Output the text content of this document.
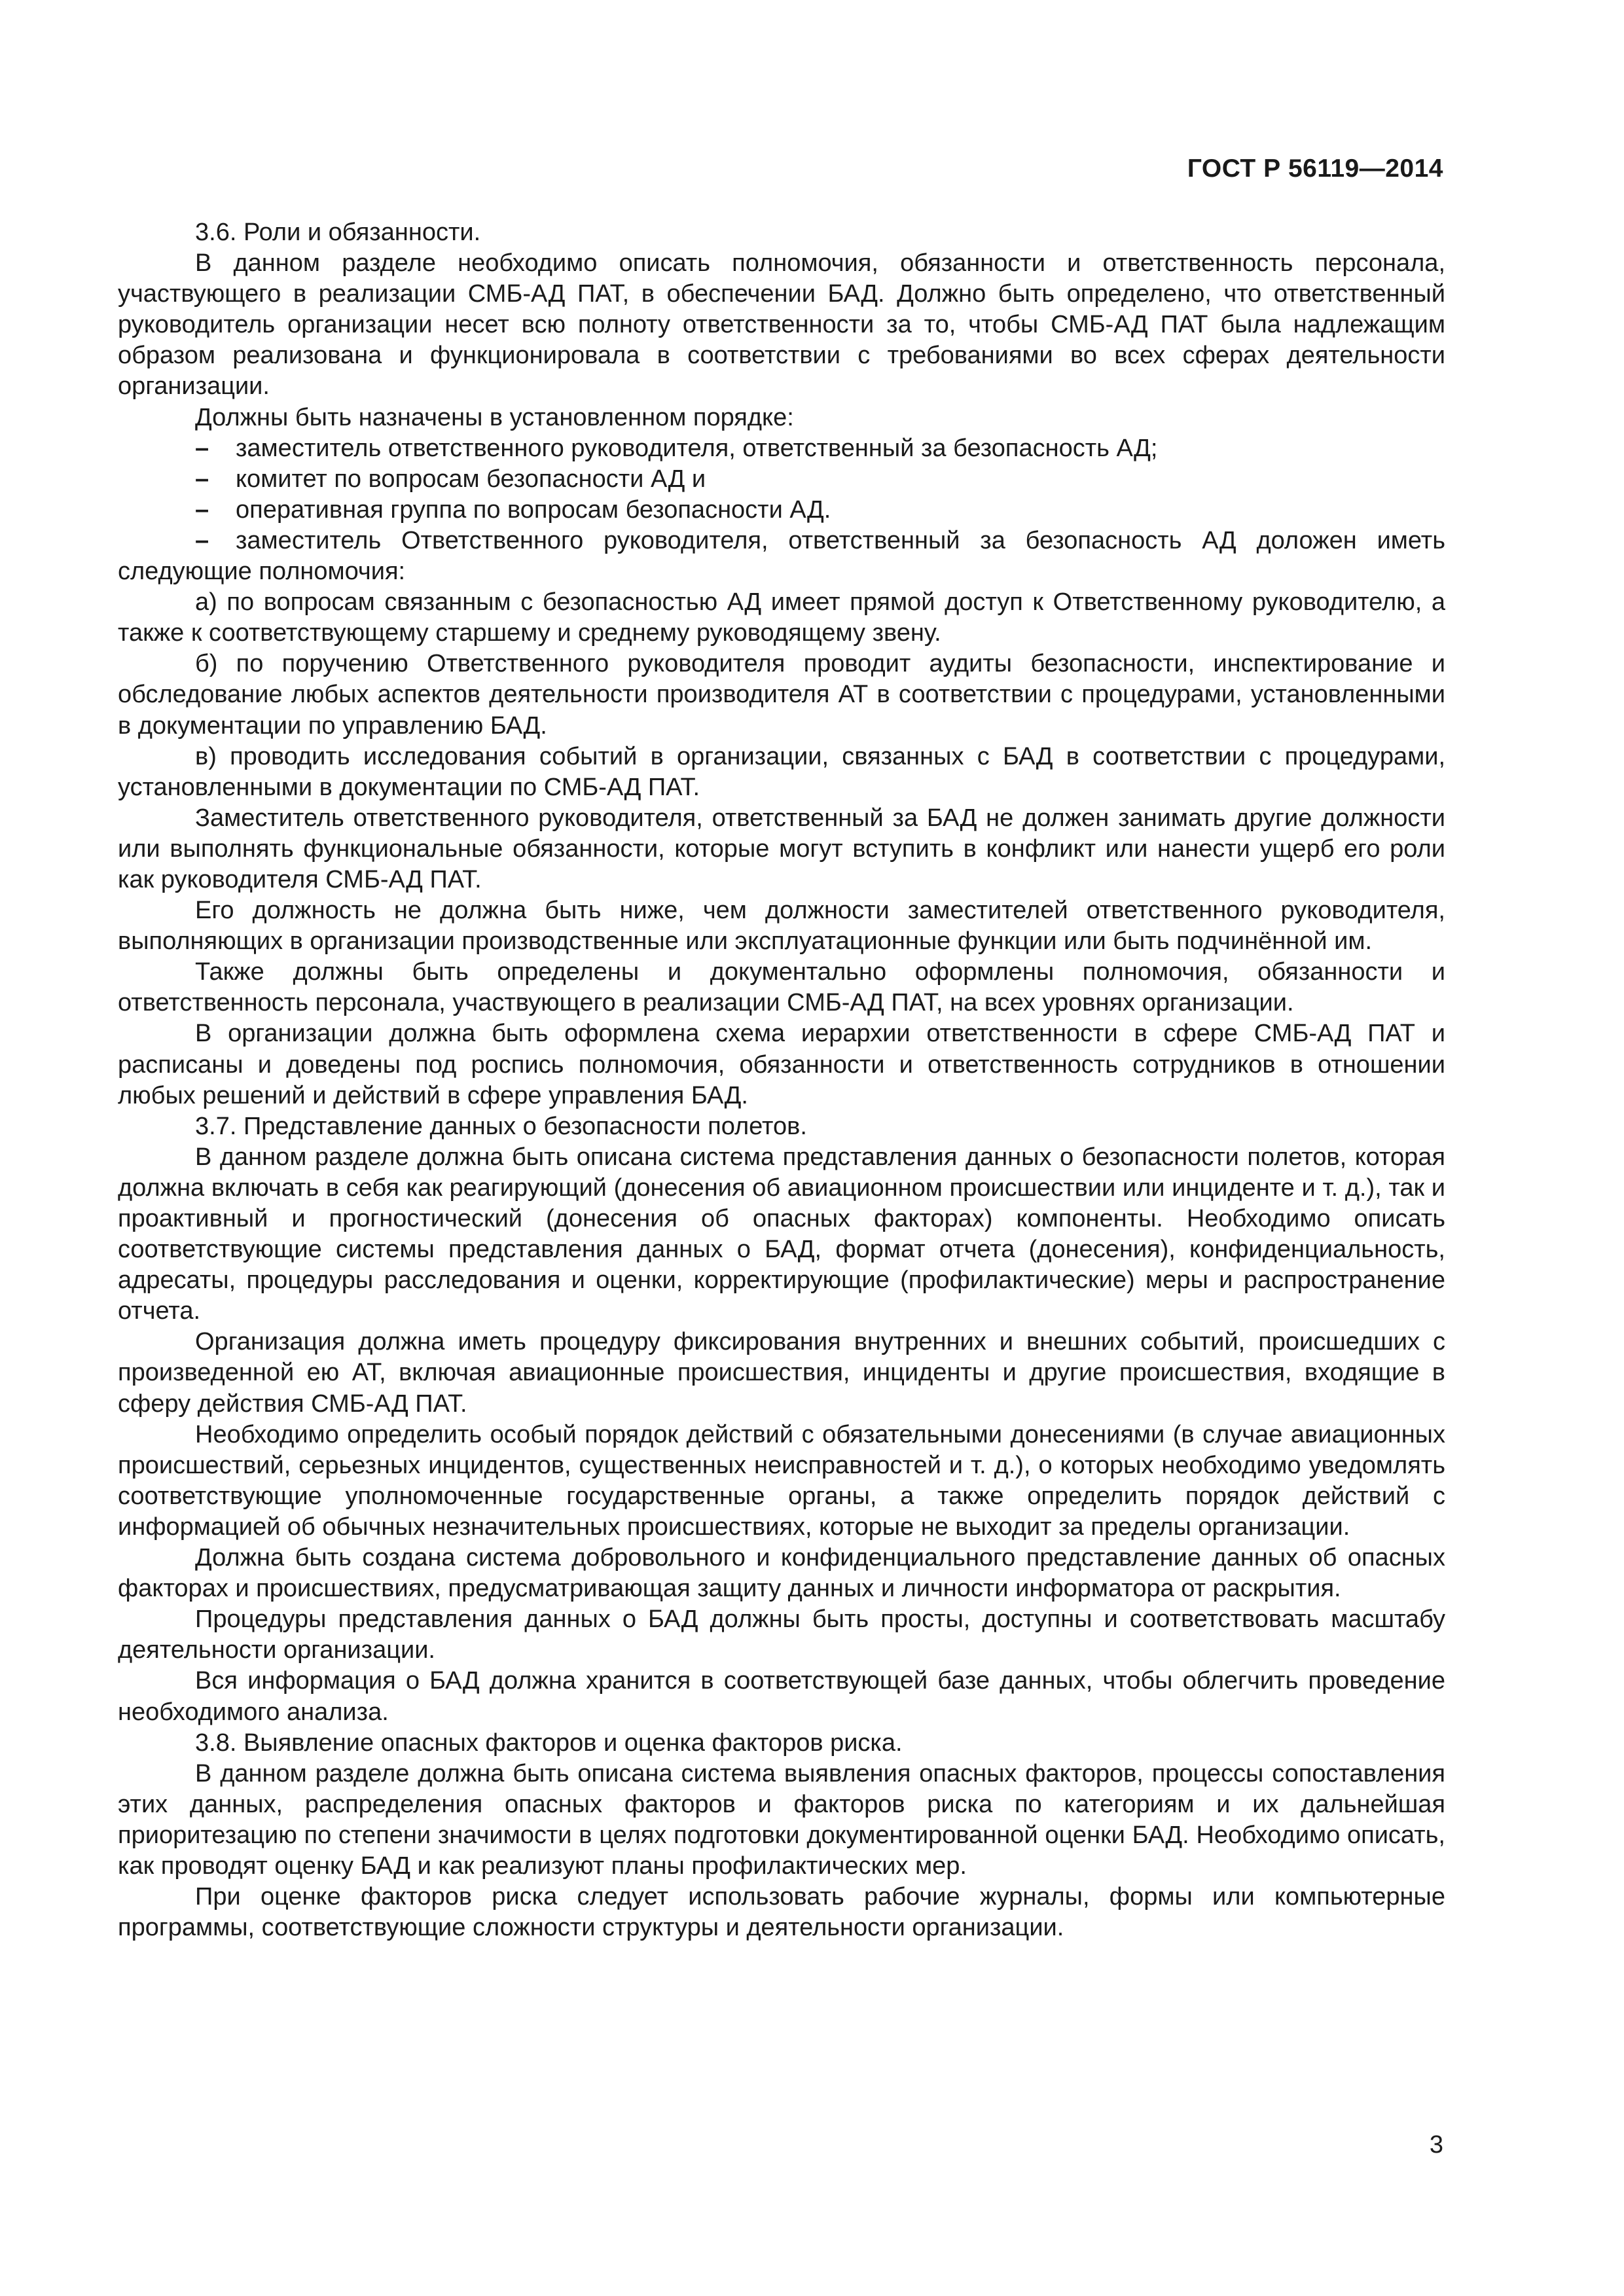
ГОСТ Р 56119—2014

3.6. Роли и обязанности.

В данном разделе необходимо описать полномочия, обязанности и ответственность персонала, участвующего в реализации СМБ-АД ПАТ, в обеспечении БАД. Должно быть определено, что ответственный руководитель организации несет всю полноту ответственности за то, чтобы СМБ-АД ПАТ была надлежащим образом реализована и функционировала в соответствии с требованиями во всех сферах деятельности организации.

Должны быть назначены в установленном порядке:

–	заместитель ответственного руководителя, ответственный за безопасность АД;
–	комитет по вопросам безопасности АД и
–	оперативная группа по вопросам безопасности АД.
–	заместитель Ответственного руководителя, ответственный за безопасность АД доложен иметь следующие полномочия:

а) по вопросам связанным с безопасностью АД имеет прямой доступ к Ответственному руководителю, а также к соответствующему старшему и среднему руководящему звену.

б) по поручению Ответственного руководителя проводит аудиты безопасности, инспектирование и обследование любых аспектов деятельности производителя АТ в соответствии с процедурами, установленными в документации по управлению БАД.

в) проводить исследования событий в организации, связанных с БАД в соответствии с процедурами, установленными в документации по СМБ-АД ПАТ.

Заместитель ответственного руководителя, ответственный за БАД не должен занимать другие должности или выполнять функциональные обязанности, которые могут вступить в конфликт или нанести ущерб его роли как руководителя СМБ-АД ПАТ.

Его должность не должна быть ниже, чем должности заместителей ответственного руководителя, выполняющих в организации производственные или эксплуатационные функции или быть подчинённой им.

Также должны быть определены и документально оформлены полномочия, обязанности и ответственность персонала, участвующего в реализации СМБ-АД ПАТ, на всех уровнях организации.

В организации должна быть оформлена схема иерархии ответственности в сфере СМБ-АД ПАТ и расписаны и доведены под роспись полномочия, обязанности и ответственность сотрудников в отношении любых решений и действий в сфере управления БАД.

3.7. Представление данных о безопасности полетов.

В данном разделе должна быть описана система представления данных о безопасности полетов, которая должна включать в себя как реагирующий (донесения об авиационном происшествии или инциденте и т. д.), так и проактивный и прогностический (донесения об опасных факторах) компоненты. Необходимо описать соответствующие системы представления данных о БАД, формат отчета (донесения), конфиденциальность, адресаты, процедуры расследования и оценки, корректирующие (профилактические) меры и распространение отчета.

Организация должна иметь процедуру фиксирования внутренних и внешних событий, происшедших с произведенной ею АТ, включая авиационные происшествия, инциденты и другие происшествия, входящие в сферу действия СМБ-АД ПАТ.

Необходимо определить особый порядок действий с обязательными донесениями (в случае авиационных происшествий, серьезных инцидентов, существенных неисправностей и т. д.), о которых необходимо уведомлять соответствующие уполномоченные государственные органы, а также определить порядок действий с информацией об обычных незначительных происшествиях, которые не выходит за пределы организации.

Должна быть создана система добровольного и конфиденциального представление данных об опасных факторах и происшествиях, предусматривающая защиту данных и личности информатора от раскрытия.

Процедуры представления данных о БАД должны быть просты, доступны и соответствовать масштабу деятельности организации.

Вся информация о БАД должна хранится в соответствующей базе данных, чтобы облегчить проведение необходимого анализа.

3.8. Выявление опасных факторов и оценка факторов риска.

В данном разделе должна быть описана система выявления опасных факторов, процессы сопоставления этих данных, распределения опасных факторов и факторов риска по категориям и их дальнейшая приоритезацию по степени значимости в целях подготовки документированной оценки БАД. Необходимо описать, как проводят оценку БАД и как реализуют планы профилактических мер.

При оценке факторов риска следует использовать рабочие журналы, формы или компьютерные программы, соответствующие сложности структуры и деятельности организации.

3
